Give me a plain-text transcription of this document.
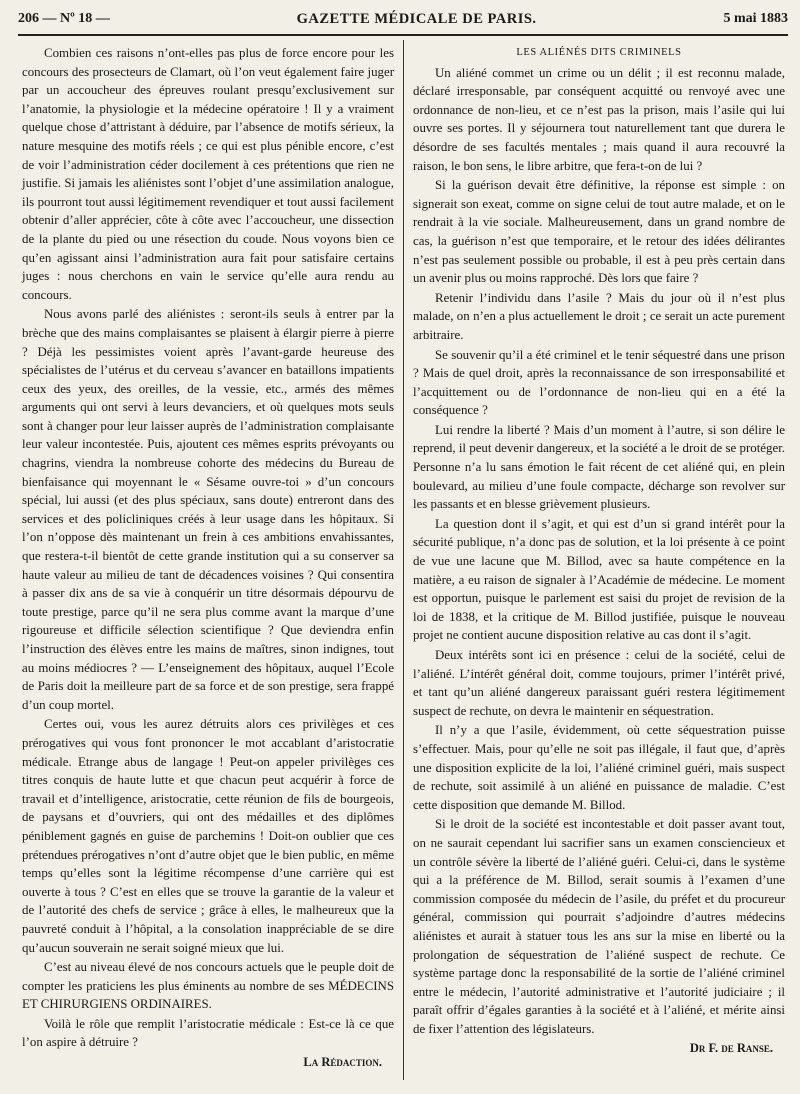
206 — Nº 18 —	GAZETTE MÉDICALE DE PARIS.	5 mai 1883

Combien ces raisons n’ont-elles pas plus de force encore pour les concours des prosecteurs de Clamart, où l’on veut également faire juger par un accoucheur des épreuves roulant presqu’exclusivement sur l’anatomie, la physiologie et la médecine opératoire ! Il y a vraiment quelque chose d’attristant à déduire, par l’absence de motifs sérieux, la nature mesquine des motifs réels ; ce qui est plus pénible encore, c’est de voir l’administration céder docilement à ces prétentions que rien ne justifie. Si jamais les aliénistes sont l’objet d’une assimilation analogue, ils pourront tout aussi légitimement revendiquer et tout aussi facilement obtenir d’aller apprécier, côte à côte avec l’accoucheur, une dissection de la plante du pied ou une résection du coude. Nous voyons bien ce qu’en agissant ainsi l’administration aura fait pour satisfaire certains juges : nous cherchons en vain le service qu’elle aura rendu au concours.

Nous avons parlé des aliénistes : seront-ils seuls à entrer par la brèche que des mains complaisantes se plaisent à élargir pierre à pierre ? Déjà les pessimistes voient après l’avant-garde heureuse des spécialistes de l’utérus et du cerveau s’avancer en bataillons impatients ceux des yeux, des oreilles, de la vessie, etc., armés des mêmes arguments qui ont servi à leurs devanciers, et où quelques mots seuls sont à changer pour leur laisser auprès de l’administration complaisante leur valeur incontestée. Puis, ajoutent ces mêmes esprits prévoyants ou chagrins, viendra la nombreuse cohorte des médecins du Bureau de bienfaisance qui moyennant le « Sésame ouvre-toi » d’un concours spécial, lui aussi (et des plus spéciaux, sans doute) entreront dans des services et des policliniques créés à leur usage dans les hôpitaux. Si l’on n’oppose dès maintenant un frein à ces ambitions envahissantes, que restera-t-il bientôt de cette grande institution qui a su conserver sa haute valeur au milieu de tant de décadences voisines ? Qui consentira à passer dix ans de sa vie à conquérir un titre désormais dépourvu de toute prestige, parce qu’il ne sera plus comme avant la marque d’une rigoureuse et difficile sélection scientifique ? Que deviendra enfin l’instruction des élèves entre les mains de maîtres, sinon indignes, tout au moins médiocres ? — L’enseignement des hôpitaux, auquel l’Ecole de Paris doit la meilleure part de sa force et de son prestige, sera frappé d’un coup mortel.

Certes oui, vous les aurez détruits alors ces privilèges et ces prérogatives qui vous font prononcer le mot accablant d’aristocratie médicale. Etrange abus de langage ! Peut-on appeler privilèges ces titres conquis de haute lutte et que chacun peut acquérir à force de travail et d’intelligence, aristocratie, cette réunion de fils de bourgeois, de paysans et d’ouvriers, qui ont des médailles et des diplômes péniblement gagnés en guise de parchemins ! Doit-on oublier que ces prétendues prérogatives n’ont d’autre objet que le bien public, en même temps qu’elles sont la légitime récompense d’une carrière qui est ouverte à tous ? C’est en elles que se trouve la garantie de la valeur et de l’autorité des chefs de service ; grâce à elles, le malheureux que la pauvreté conduit à l’hôpital, a la consolation inappréciable de se dire qu’aucun souverain ne serait soigné mieux que lui.

C’est au niveau élevé de nos concours actuels que le peuple doit de compter les praticiens les plus éminents au nombre de ses MÉDECINS ET CHIRURGIENS ORDINAIRES.

Voilà le rôle que remplit l’aristocratie médicale : Est-ce là ce que l’on aspire à détruire ?

La Rédaction.

LES ALIÉNÉS DITS CRIMINELS

Un aliéné commet un crime ou un délit ; il est reconnu malade, déclaré irresponsable, par conséquent acquitté ou renvoyé avec une ordonnance de non-lieu, et ce n’est pas la prison, mais l’asile qui lui ouvre ses portes. Il y séjournera tout naturellement tant que durera le désordre de ses facultés mentales ; mais quand il aura recouvré la raison, le bon sens, le libre arbitre, que fera-t-on de lui ?

Si la guérison devait être définitive, la réponse est simple : on signerait son exeat, comme on signe celui de tout autre malade, et on le rendrait à la vie sociale. Malheureusement, dans un grand nombre de cas, la guérison n’est que temporaire, et le retour des idées délirantes n’est pas seulement possible ou probable, il est à peu près certain dans un avenir plus ou moins rapproché. Dès lors que faire ?

Retenir l’individu dans l’asile ? Mais du jour où il n’est plus malade, on n’en a plus actuellement le droit ; ce serait un acte purement arbitraire.

Se souvenir qu’il a été criminel et le tenir séquestré dans une prison ? Mais de quel droit, après la reconnaissance de son irresponsabilité et l’acquittement ou de l’ordonnance de non-lieu qui en a été la conséquence ?

Lui rendre la liberté ? Mais d’un moment à l’autre, si son délire le reprend, il peut devenir dangereux, et la société a le droit de se protéger. Personne n’a lu sans émotion le fait récent de cet aliéné qui, en plein boulevard, au milieu d’une foule compacte, décharge son revolver sur les passants et en blesse grièvement plusieurs.

La question dont il s’agit, et qui est d’un si grand intérêt pour la sécurité publique, n’a donc pas de solution, et la loi présente à ce point de vue une lacune que M. Billod, avec sa haute compétence en la matière, a eu raison de signaler à l’Académie de médecine. Le moment est opportun, puisque le parlement est saisi du projet de revision de la loi de 1838, et la critique de M. Billod justifiée, puisque le nouveau projet ne contient aucune disposition relative au cas dont il s’agit.

Deux intérêts sont ici en présence : celui de la société, celui de l’aliéné. L’intérêt général doit, comme toujours, primer l’intérêt privé, et tant qu’un aliéné dangereux paraissant guéri restera légitimement suspect de rechute, on devra le maintenir en séquestration.

Il n’y a que l’asile, évidemment, où cette séquestration puisse s’effectuer. Mais, pour qu’elle ne soit pas illégale, il faut que, d’après une disposition explicite de la loi, l’aliéné criminel guéri, mais suspect de rechute, soit assimilé à un aliéné en puissance de maladie. C’est cette disposition que demande M. Billod.

Si le droit de la société est incontestable et doit passer avant tout, on ne saurait cependant lui sacrifier sans un examen consciencieux et un contrôle sévère la liberté de l’aliéné guéri. Celui-ci, dans le système qui a la préférence de M. Billod, serait soumis à l’examen d’une commission composée du médecin de l’asile, du préfet et du procureur général, commission qui pourrait s’adjoindre d’autres médecins aliénistes et aurait à statuer tous les ans sur la mise en liberté ou la prolongation de séquestration de l’aliéné suspect de rechute. Ce système partage donc la responsabilité de la sortie de l’aliéné criminel entre le médecin, l’autorité administrative et l’autorité judiciaire ; il paraît offrir d’égales garanties à la société et à l’aliéné, et mérite ainsi de fixer l’attention des législateurs.

Dr F. de Ranse.
